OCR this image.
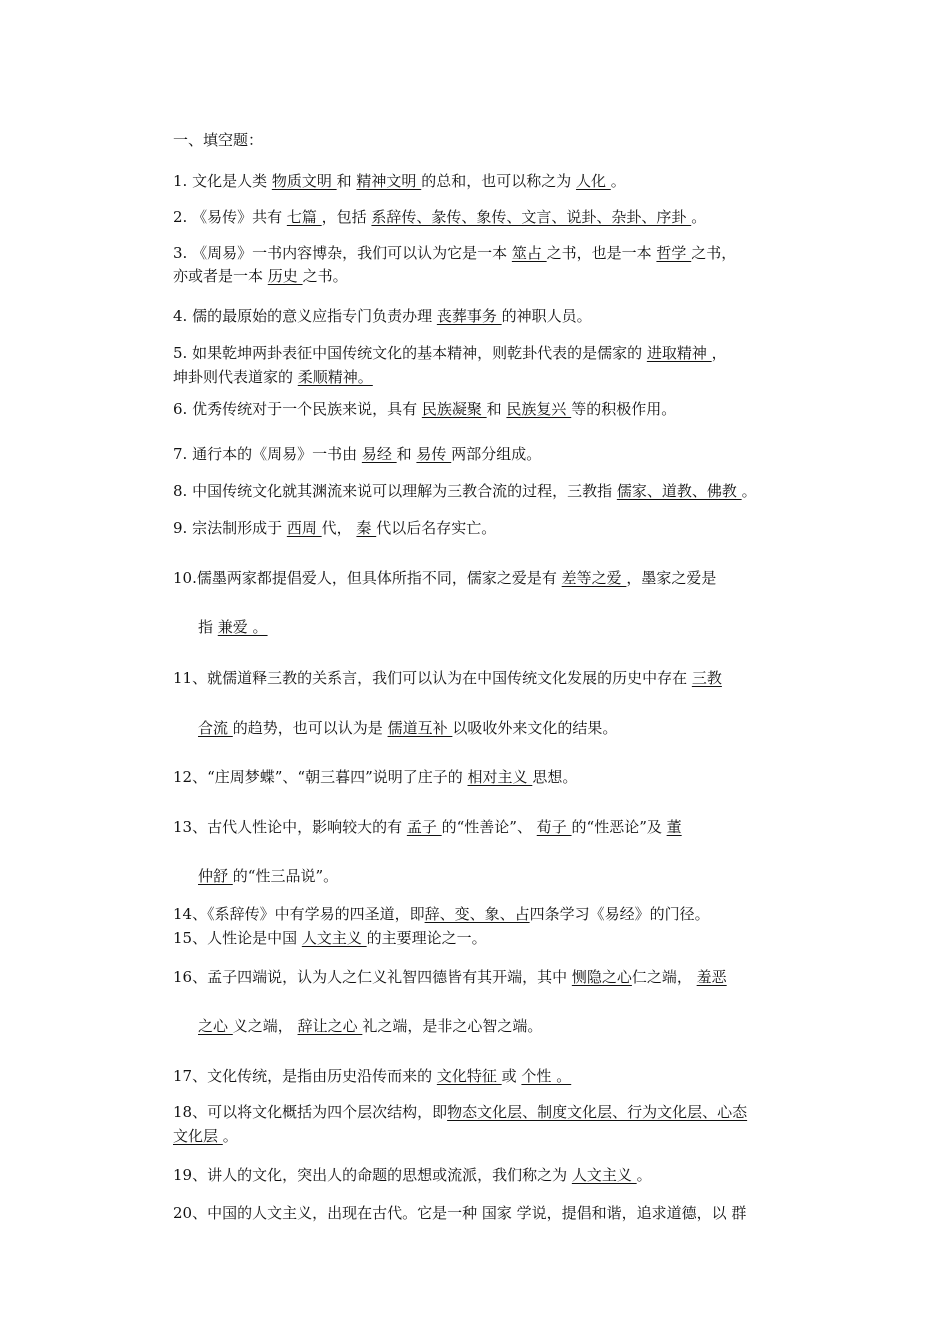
一、填空题：

1. 文化是人类 物质文明 和 精神文明 的总和，也可以称之为 人化 。

2. 《易传》共有 七篇 ，包括 系辞传、彖传、象传、文言、说卦、杂卦、序卦 。

3. 《周易》一书内容博杂，我们可以认为它是一本 筮占 之书，也是一本 哲学 之书，

亦或者是一本 历史 之书。

4. 儒的最原始的意义应指专门负责办理 丧葬事务 的神职人员。

5. 如果乾坤两卦表征中国传统文化的基本精神，则乾卦代表的是儒家的 进取精神 ，

坤卦则代表道家的 柔顺精神。

6. 优秀传统对于一个民族来说，具有 民族凝聚 和 民族复兴 等的积极作用。

7. 通行本的《周易》一书由 易经 和 易传 两部分组成。

8. 中国传统文化就其渊流来说可以理解为三教合流的过程，三教指 儒家、道教、佛教 。

9. 宗法制形成于 西周 代， 秦 代以后名存实亡。

10.儒墨两家都提倡爱人，但具体所指不同，儒家之爱是有 差等之爱 ，墨家之爱是

指 兼爱 。

11、就儒道释三教的关系言，我们可以认为在中国传统文化发展的历史中存在 三教

合流 的趋势，也可以认为是 儒道互补 以吸收外来文化的结果。

12、“庄周梦蝶”、“朝三暮四”说明了庄子的 相对主义 思想。

13、古代人性论中，影响较大的有 孟子 的“性善论”、 荀子 的“性恶论”及 董

仲舒 的“性三品说”。

14、《系辞传》中有学易的四圣道，即辞、变、象、占四条学习《易经》的门径。

15、人性论是中国 人文主义 的主要理论之一。

16、孟子四端说，认为人之仁义礼智四德皆有其开端，其中 恻隐之心仁之端， 羞恶

之心 义之端， 辞让之心 礼之端，是非之心智之端。

17、文化传统，是指由历史沿传而来的 文化特征 或 个性 。

18、可以将文化概括为四个层次结构，即物态文化层、制度文化层、行为文化层、心态

文化层 。

19、讲人的文化，突出人的命题的思想或流派，我们称之为 人文主义 。

20、中国的人文主义，出现在古代。它是一种 国家 学说，提倡和谐，追求道德，以 群
